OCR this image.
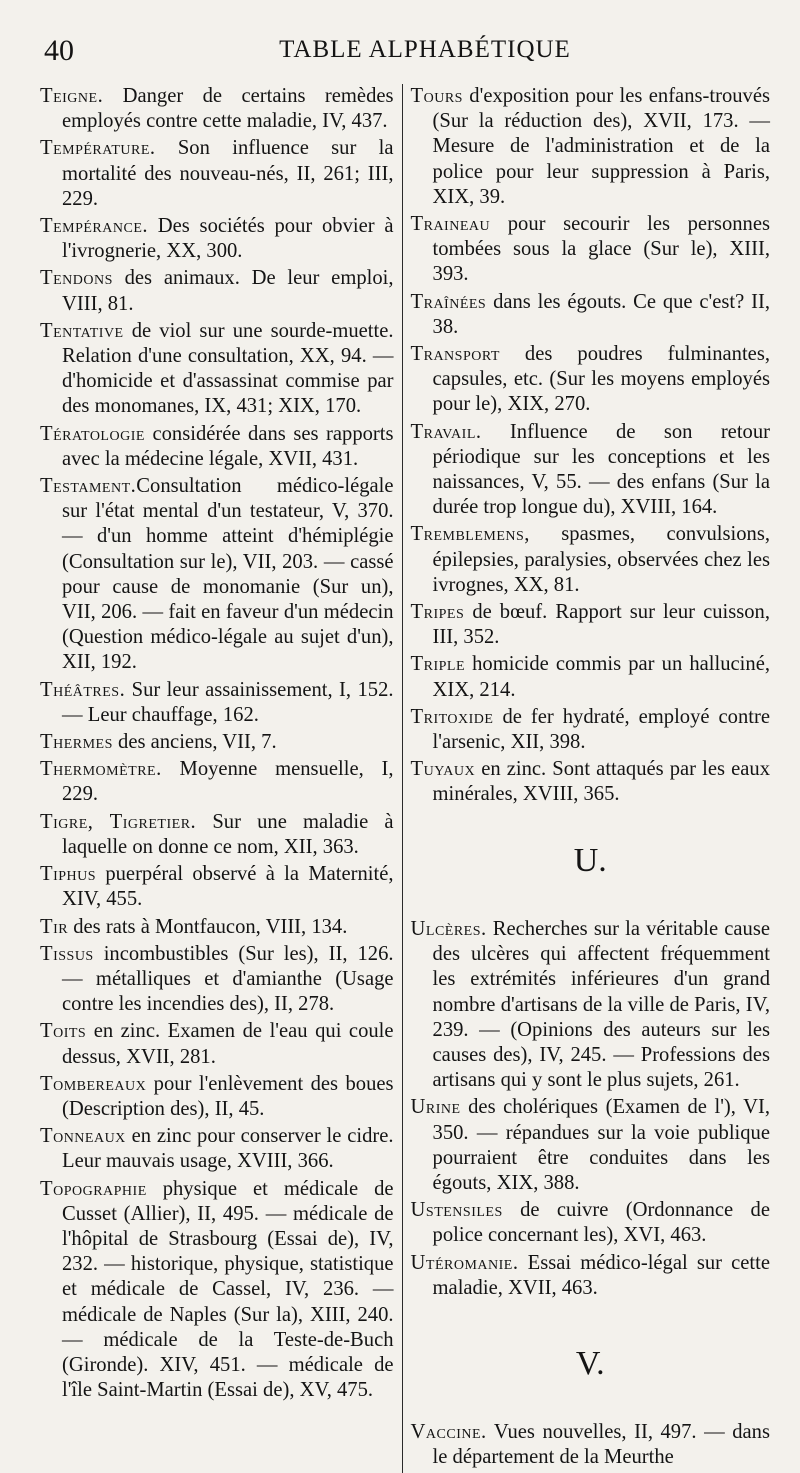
40	TABLE ALPHABÉTIQUE

Teigne. Danger de certains remèdes employés contre cette maladie, IV, 437.

Température. Son influence sur la mortalité des nouveau-nés, II, 261; III, 229.

Tempérance. Des sociétés pour obvier à l'ivrognerie, XX, 300.

Tendons des animaux. De leur emploi, VIII, 81.

Tentative de viol sur une sourde-muette. Relation d'une consultation, XX, 94. — d'homicide et d'assassinat commise par des monomanes, IX, 431; XIX, 170.

Tératologie considérée dans ses rapports avec la médecine légale, XVII, 431.

Testament.Consultation médico-légale sur l'état mental d'un testateur, V, 370. — d'un homme atteint d'hémiplégie (Consultation sur le), VII, 203. — cassé pour cause de monomanie (Sur un), VII, 206. — fait en faveur d'un médecin (Question médico-légale au sujet d'un), XII, 192.

Théâtres. Sur leur assainissement, I, 152. — Leur chauffage, 162.

Thermes des anciens, VII, 7.

Thermomètre. Moyenne mensuelle, I, 229.

Tigre, Tigretier. Sur une maladie à laquelle on donne ce nom, XII, 363.

Tiphus puerpéral observé à la Maternité, XIV, 455.

Tir des rats à Montfaucon, VIII, 134.

Tissus incombustibles (Sur les), II, 126. — métalliques et d'amianthe (Usage contre les incendies des), II, 278.

Toits en zinc. Examen de l'eau qui coule dessus, XVII, 281.

Tombereaux pour l'enlèvement des boues (Description des), II, 45.

Tonneaux en zinc pour conserver le cidre. Leur mauvais usage, XVIII, 366.

Topographie physique et médicale de Cusset (Allier), II, 495. — médicale de l'hôpital de Strasbourg (Essai de), IV, 232. — historique, physique, statistique et médicale de Cassel, IV, 236. — médicale de Naples (Sur la), XIII, 240. — médicale de la Teste-de-Buch (Gironde). XIV, 451. — médicale de l'île Saint-Martin (Essai de), XV, 475.

Tours d'exposition pour les enfans-trouvés (Sur la réduction des), XVII, 173. — Mesure de l'administration et de la police pour leur suppression à Paris, XIX, 39.

Traineau pour secourir les personnes tombées sous la glace (Sur le), XIII, 393.

Traînées dans les égouts. Ce que c'est? II, 38.

Transport des poudres fulminantes, capsules, etc. (Sur les moyens employés pour le), XIX, 270.

Travail. Influence de son retour périodique sur les conceptions et les naissances, V, 55. — des enfans (Sur la durée trop longue du), XVIII, 164.

Tremblemens, spasmes, convulsions, épilepsies, paralysies, observées chez les ivrognes, XX, 81.

Tripes de bœuf. Rapport sur leur cuisson, III, 352.

Triple homicide commis par un halluciné, XIX, 214.

Tritoxide de fer hydraté, employé contre l'arsenic, XII, 398.

Tuyaux en zinc. Sont attaqués par les eaux minérales, XVIII, 365.

U.

Ulcères. Recherches sur la véritable cause des ulcères qui affectent fréquemment les extrémités inférieures d'un grand nombre d'artisans de la ville de Paris, IV, 239. — (Opinions des auteurs sur les causes des), IV, 245. — Professions des artisans qui y sont le plus sujets, 261.

Urine des cholériques (Examen de l'), VI, 350. — répandues sur la voie publique pourraient être conduites dans les égouts, XIX, 388.

Ustensiles de cuivre (Ordonnance de police concernant les), XVI, 463.

Utéromanie. Essai médico-légal sur cette maladie, XVII, 463.

V.

Vaccine. Vues nouvelles, II, 497. — dans le département de la Meurthe
